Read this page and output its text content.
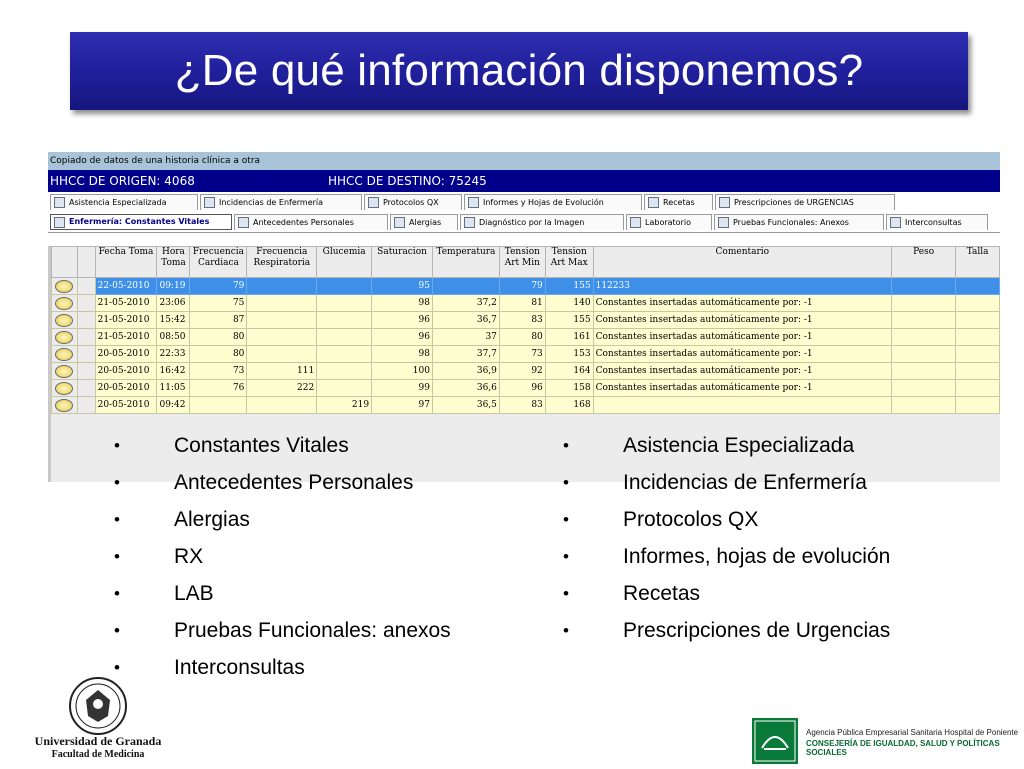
¿De qué información disponemos?
Copiado de datos de una historia clínica a otra
HHCC DE ORIGEN: 4068	HHCC DE DESTINO: 75245
Asistencia Especializada	Incidencias de Enfermería	Protocolos QX	Informes y Hojas de Evolución	Recetas	Prescripciones de URGENCIAS
Enfermería: Constantes Vitales	Antecedentes Personales	Alergias	Diagnóstico por la Imagen	Laboratorio	Pruebas Funcionales: Anexos	Interconsultas
		Fecha Toma	Hora Toma	Frecuencia Cardiaca	Frecuencia Respiratoria	Glucemia	Saturacion	Temperatura	Tension Art Min	Tension Art Max	Comentario	Peso	Talla
		22-05-2010	09:19	79			95		79	155	112233		
		21-05-2010	23:06	75			98	37,2	81	140	Constantes insertadas automáticamente por: -1		
		21-05-2010	15:42	87			96	36,7	83	155	Constantes insertadas automáticamente por: -1		
		21-05-2010	08:50	80			96	37	80	161	Constantes insertadas automáticamente por: -1		
		20-05-2010	22:33	80			98	37,7	73	153	Constantes insertadas automáticamente por: -1		
		20-05-2010	16:42	73	111		100	36,9	92	164	Constantes insertadas automáticamente por: -1		
		20-05-2010	11:05	76	222		99	36,6	96	158	Constantes insertadas automáticamente por: -1		
		20-05-2010	09:42			219	97	36,5	83	168			
•	Constantes Vitales
•	Antecedentes Personales
•	Alergias
•	RX
•	LAB
•	Pruebas Funcionales: anexos
•	Interconsultas
•	Asistencia Especializada
•	Incidencias de Enfermería
•	Protocolos QX
•	Informes, hojas de evolución
•	Recetas
•	Prescripciones de Urgencias
Universidad de Granada
Facultad de Medicina
Agencia Pública Empresarial Sanitaria Hospital de Poniente
CONSEJERÍA DE IGUALDAD, SALUD Y POLÍTICAS SOCIALES
